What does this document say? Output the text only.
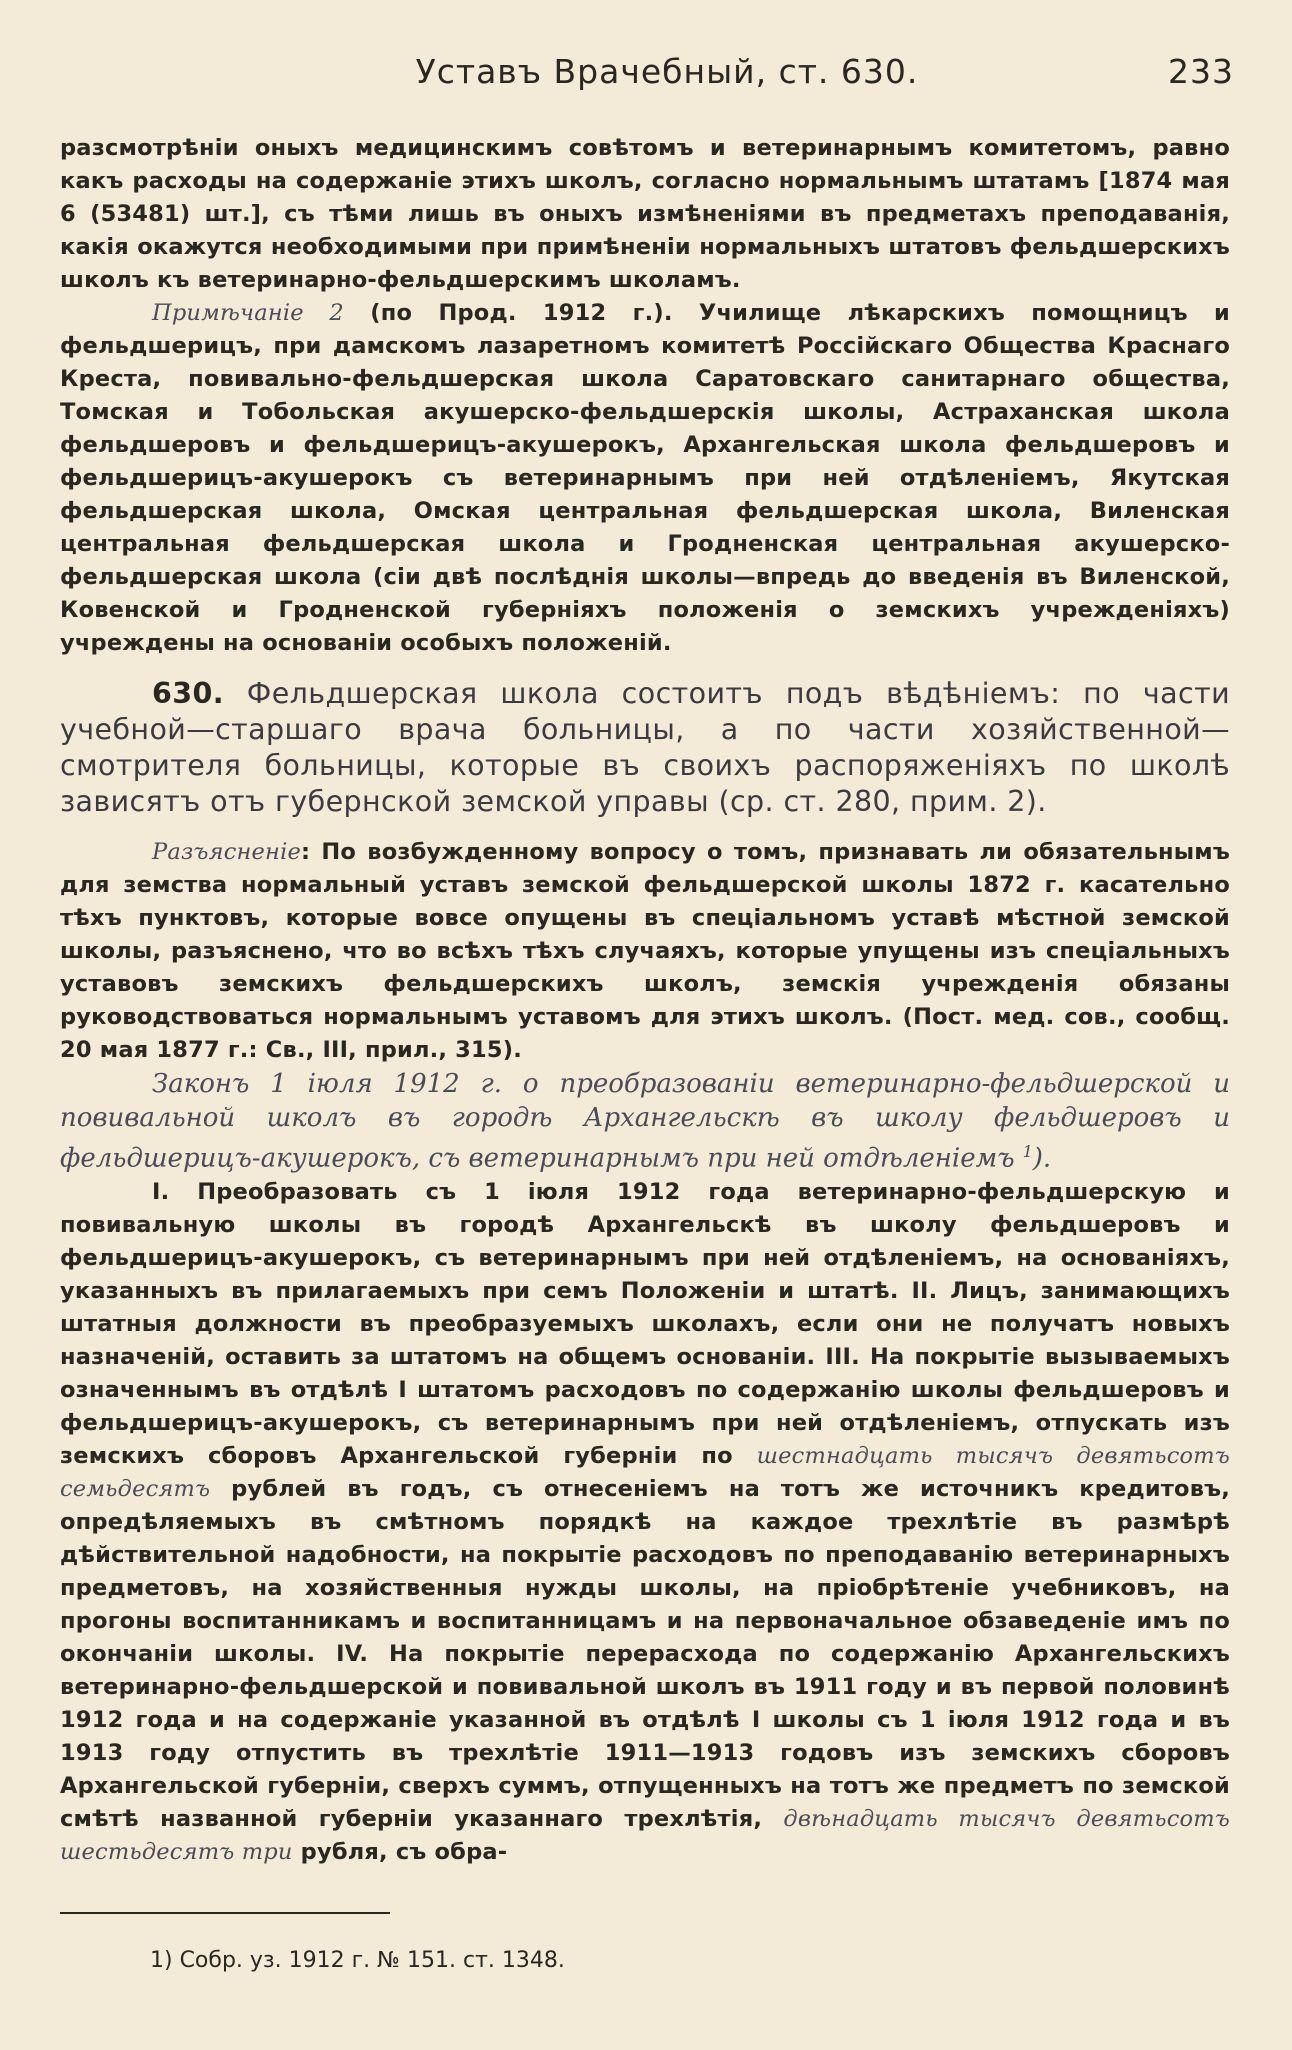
Уставъ Врачебный, ст. 630.	233

разсмотрѣніи оныхъ медицинскимъ совѣтомъ и ветеринарнымъ комитетомъ, равно какъ расходы на содержаніе этихъ школъ, согласно нормальнымъ штатамъ [1874 мая 6 (53481) шт.], съ тѣми лишь въ оныхъ измѣненіями въ предметахъ преподаванія, какія окажутся необходимыми при примѣненіи нормальныхъ штатовъ фельдшерскихъ школъ къ ветеринарно-фельдшерскимъ школамъ.

Примѣчаніе 2 (по Прод. 1912 г.). Училище лѣкарскихъ помощницъ и фельдшерицъ, при дамскомъ лазаретномъ комитетѣ Россійскаго Общества Краснаго Креста, повивально-фельдшерская школа Саратовскаго санитарнаго общества, Томская и Тобольская акушерско-фельдшерскія школы, Астраханская школа фельдшеровъ и фельдшерицъ-акушерокъ, Архангельская школа фельдшеровъ и фельдшерицъ-акушерокъ съ ветеринарнымъ при ней отдѣленіемъ, Якутская фельдшерская школа, Омская центральная фельдшерская школа, Виленская центральная фельдшерская школа и Гродненская центральная акушерско-фельдшерская школа (сіи двѣ послѣднія школы—впредь до введенія въ Виленской, Ковенской и Гродненской губерніяхъ положенія о земскихъ учрежденіяхъ) учреждены на основаніи особыхъ положеній.

630. Фельдшерская школа состоитъ подъ вѣдѣніемъ: по части учебной—старшаго врача больницы, а по части хозяйственной—смотрителя больницы, которые въ своихъ распоряженіяхъ по школѣ зависятъ отъ губернской земской управы (ср. ст. 280, прим. 2).

Разъясненіе: По возбужденному вопросу о томъ, признавать ли обязательнымъ для земства нормальный уставъ земской фельдшерской школы 1872 г. касательно тѣхъ пунктовъ, которые вовсе опущены въ спеціальномъ уставѣ мѣстной земской школы, разъяснено, что во всѣхъ тѣхъ случаяхъ, которые упущены изъ спеціальныхъ уставовъ земскихъ фельдшерскихъ школъ, земскія учрежденія обязаны руководствоваться нормальнымъ уставомъ для этихъ школъ. (Пост. мед. сов., сообщ. 20 мая 1877 г.: Св., III, прил., 315).

Законъ 1 іюля 1912 г. о преобразованіи ветеринарно-фельдшерской и повивальной школъ въ городѣ Архангельскѣ въ школу фельдшеровъ и фельдшерицъ-акушерокъ, съ ветеринарнымъ при ней отдѣленіемъ $^1$).

I. Преобразовать съ 1 іюля 1912 года ветеринарно-фельдшерскую и повивальную школы въ городѣ Архангельскѣ въ школу фельдшеровъ и фельдшерицъ-акушерокъ, съ ветеринарнымъ при ней отдѣленіемъ, на основаніяхъ, указанныхъ въ прилагаемыхъ при семъ Положеніи и штатѣ. II. Лицъ, занимающихъ штатныя должности въ преобразуемыхъ школахъ, если они не получатъ новыхъ назначеній, оставить за штатомъ на общемъ основаніи. III. На покрытіе вызываемыхъ означеннымъ въ отдѣлѣ I штатомъ расходовъ по содержанію школы фельдшеровъ и фельдшерицъ-акушерокъ, съ ветеринарнымъ при ней отдѣленіемъ, отпускать изъ земскихъ сборовъ Архангельской губерніи по шестнадцать тысячъ девятьсотъ семьдесятъ рублей въ годъ, съ отнесеніемъ на тотъ же источникъ кредитовъ, опредѣляемыхъ въ смѣтномъ порядкѣ на каждое трехлѣтіе въ размѣрѣ дѣйствительной надобности, на покрытіе расходовъ по преподаванію ветеринарныхъ предметовъ, на хозяйственныя нужды школы, на пріобрѣтеніе учебниковъ, на прогоны воспитанникамъ и воспитанницамъ и на первоначальное обзаведеніе имъ по окончаніи школы. IV. На покрытіе перерасхода по содержанію Архангельскихъ ветеринарно-фельдшерской и повивальной школъ въ 1911 году и въ первой половинѣ 1912 года и на содержаніе указанной въ отдѣлѣ I школы съ 1 іюля 1912 года и въ 1913 году отпустить въ трехлѣтіе 1911—1913 годовъ изъ земскихъ сборовъ Архангельской губерніи, сверхъ суммъ, отпущенныхъ на тотъ же предметъ по земской смѣтѣ названной губерніи указаннаго трехлѣтія, двѣнадцать тысячъ девятьсотъ шестьдесятъ три рубля, съ обра-

1) Собр. уз. 1912 г. № 151. ст. 1348.
